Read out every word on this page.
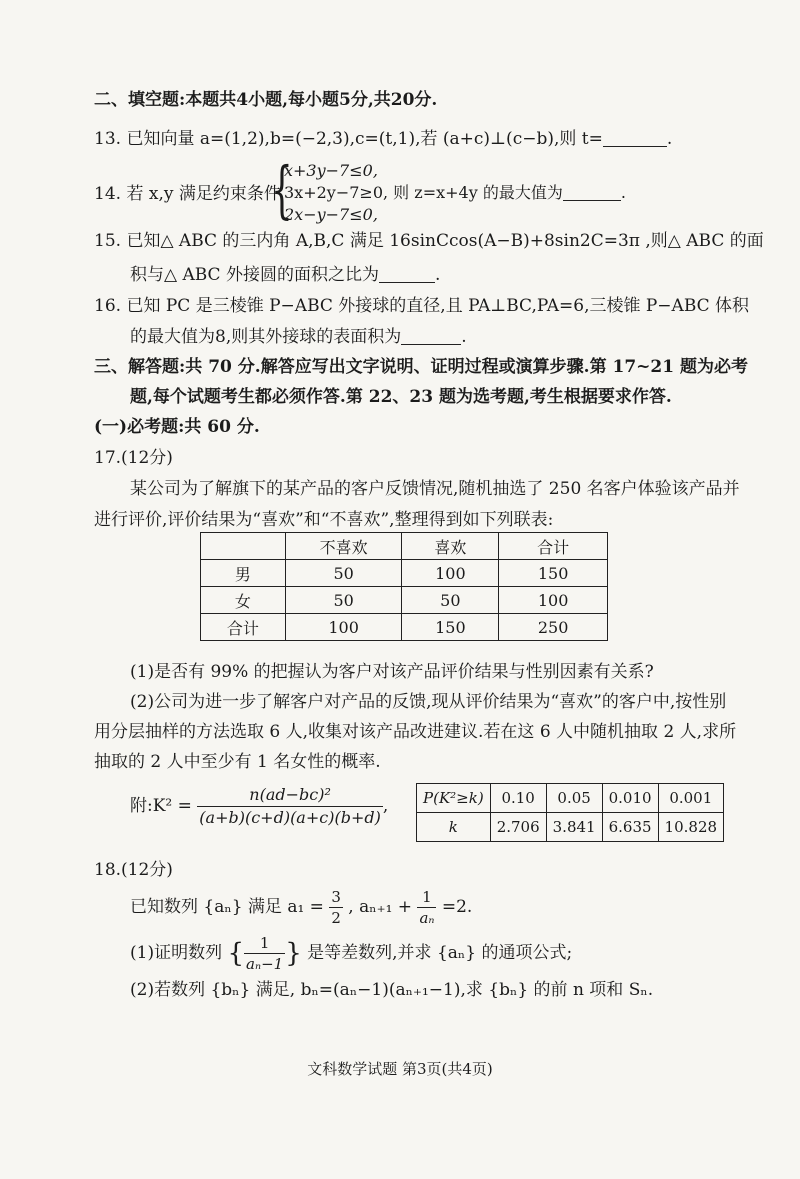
二、填空题:本题共4小题,每小题5分,共20分.
13. 已知向量 a=(1,2),b=(−2,3),c=(t,1),若 (a+c)⊥(c−b),则 t=	.
14. 若 x,y 满足约束条件
{
x+3y−7≤0,
3x+2y−7≥0, 则 z=x+4y 的最大值为	.
2x−y−7≤0,
15. 已知△ ABC 的三内角 A,B,C 满足 16sinCcos(A−B)+8sin2C=3π ,则△ ABC 的面
积与△ ABC 外接圆的面积之比为	.
16. 已知 PC 是三棱锥 P−ABC 外接球的直径,且 PA⊥BC,PA=6,三棱锥 P−ABC 体积
的最大值为8,则其外接球的表面积为	.
三、解答题:共 70 分.解答应写出文字说明、证明过程或演算步骤.第 17~21 题为必考
题,每个试题考生都必须作答.第 22、23 题为选考题,考生根据要求作答.
(一)必考题:共 60 分.
17.(12分)
某公司为了解旗下的某产品的客户反馈情况,随机抽选了 250 名客户体验该产品并
进行评价,评价结果为“喜欢”和“不喜欢”,整理得到如下列联表:
	不喜欢	喜欢	合计
男	50	100	150
女	50	50	100
合计	100	150	250
(1)是否有 99% 的把握认为客户对该产品评价结果与性别因素有关系?
(2)公司为进一步了解客户对产品的反馈,现从评价结果为“喜欢”的客户中,按性别
用分层抽样的方法选取 6 人,收集对该产品改进建议.若在这 6 人中随机抽取 2 人,求所
抽取的 2 人中至少有 1 名女性的概率.
附:K² = $\frac{\text{n(ad−bc)²}}{(a+b)(c+d)(a+c)(b+d)}$ , P(K²≥k)	0.10	0.05	0.010	0.001
k	2.706	3.841	6.635	10.828
18.(12分)
已知数列 {aₙ} 满足 $a_1 = \frac{3}{2}$ , $a_{n+1} + \frac{1}{\text{aₙ}} =2$.
(1)证明数列 { $\frac{1}{\text{aₙ−1}}$ } 是等差数列,并求 {aₙ} 的通项公式;
(2)若数列 {bₙ} 满足, bₙ=(aₙ−1)(aₙ₊₁−1),求 {bₙ} 的前 n 项和 Sₙ.
文科数学试题 第3页(共4页)
